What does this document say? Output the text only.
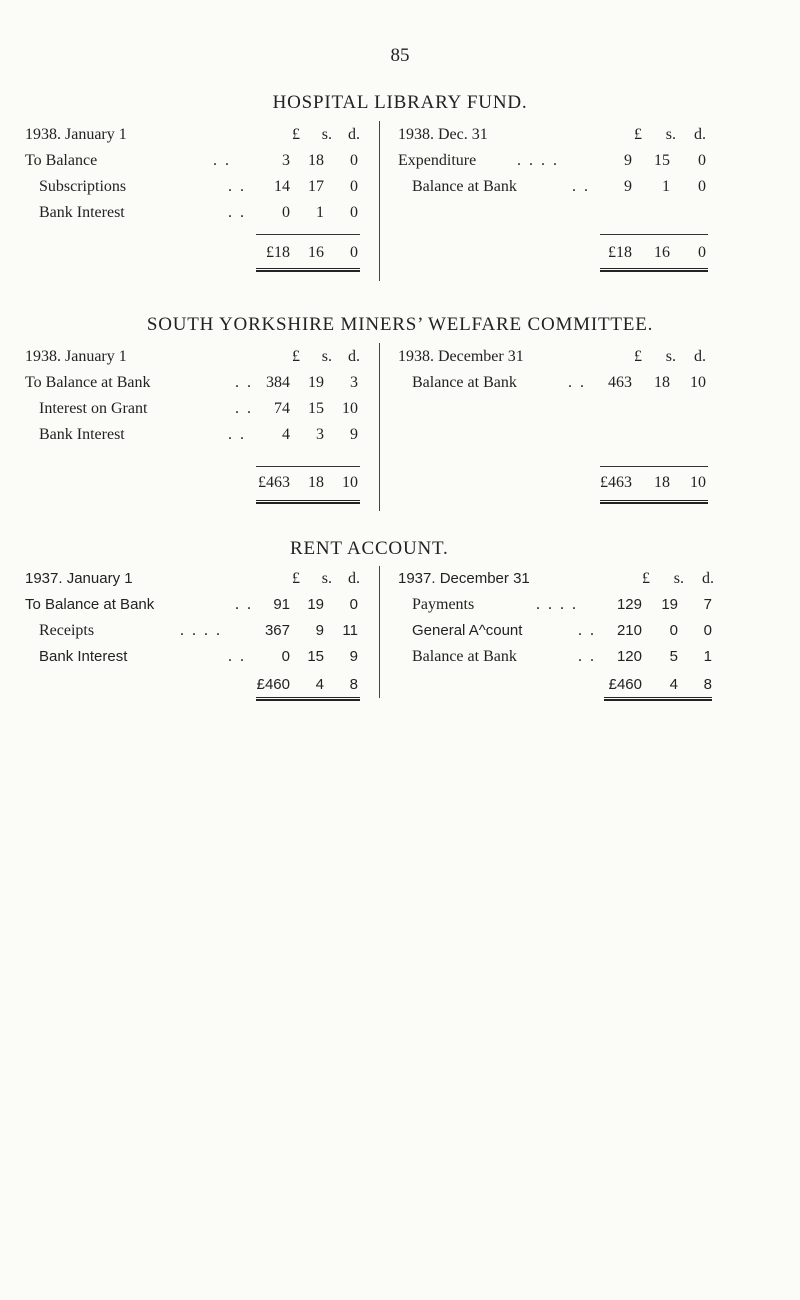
85
HOSPITAL LIBRARY FUND.
1938. January 1	£	s.	d.
To Balance	. .	3	18	0
Subscriptions	. .	14	17	0
Bank Interest	. .	0	1	0
£18	16	0
1938. Dec. 31	£	s.	d.
Expenditure	. . . .	9	15	0
Balance at Bank	. .	9	1	0
£18	16	0
SOUTH YORKSHIRE MINERS’ WELFARE COMMITTEE.
1938. January 1	£	s.	d.
To Balance at Bank	. . 384	19	3
Interest on Grant	. .	74	15	10
Bank Interest	. .	4	3	9
£463	18	10
1938. December 31	£	s.	d.
Balance at Bank	. .	463	18	10
£463	18	10
RENT ACCOUNT.
1937. January 1	£	s.	d.
To Balance at Bank	. .	91	19	0
Receipts	. . . .	367	9	11
Bank Interest	. .	0	15	9
£460	4	8
1937. December 31	£	s.	d.
Payments	. . . .	129	19	7
General A^count	. .	210	0	0
Balance at Bank	. .	120	5	1
£460	4	8
